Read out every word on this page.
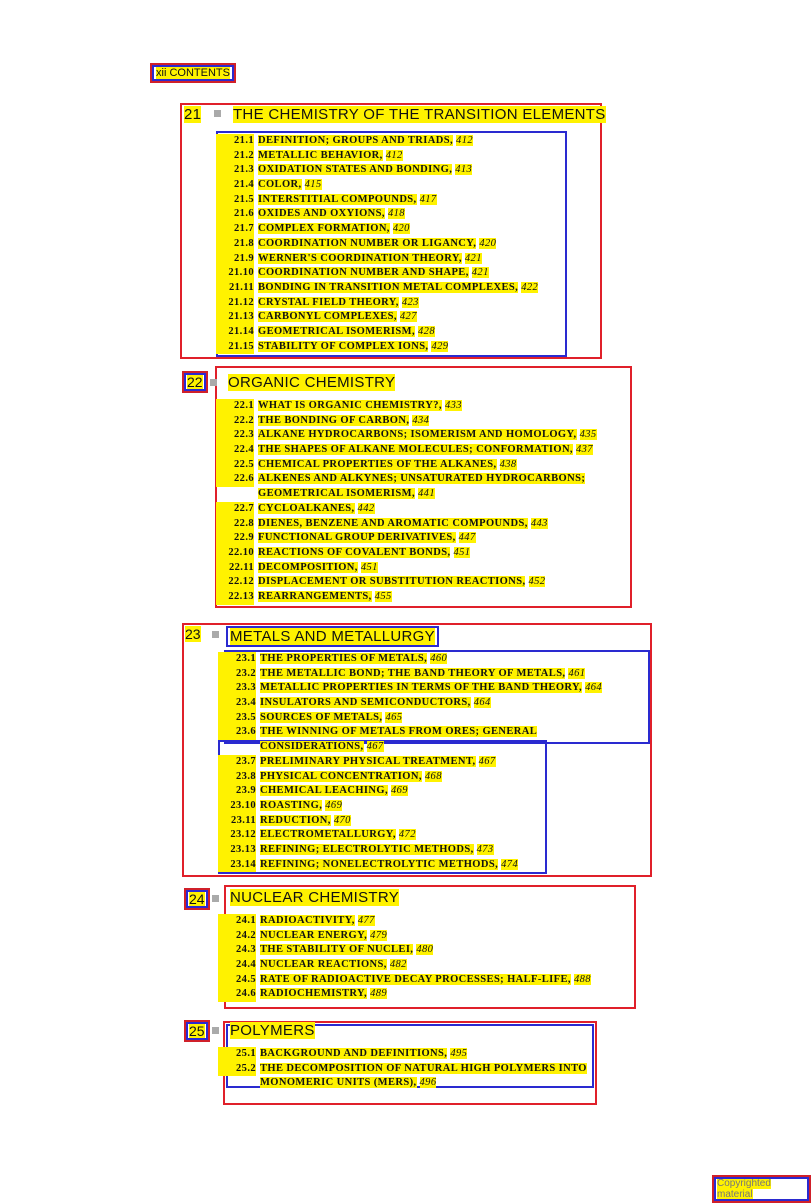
xii CONTENTS
21 THE CHEMISTRY OF THE TRANSITION ELEMENTS
21.1 DEFINITION; GROUPS AND TRIADS, 412
21.2 METALLIC BEHAVIOR, 412
21.3 OXIDATION STATES AND BONDING, 413
21.4 COLOR, 415
21.5 INTERSTITIAL COMPOUNDS, 417
21.6 OXIDES AND OXYIONS, 418
21.7 COMPLEX FORMATION, 420
21.8 COORDINATION NUMBER OR LIGANCY, 420
21.9 WERNER'S COORDINATION THEORY, 421
21.10 COORDINATION NUMBER AND SHAPE, 421
21.11 BONDING IN TRANSITION METAL COMPLEXES, 422
21.12 CRYSTAL FIELD THEORY, 423
21.13 CARBONYL COMPLEXES, 427
21.14 GEOMETRICAL ISOMERISM, 428
21.15 STABILITY OF COMPLEX IONS, 429
22	ORGANIC CHEMISTRY
22.1 WHAT IS ORGANIC CHEMISTRY?, 433
22.2 THE BONDING OF CARBON, 434
22.3 ALKANE HYDROCARBONS; ISOMERISM AND HOMOLOGY, 435
22.4 THE SHAPES OF ALKANE MOLECULES; CONFORMATION, 437
22.5 CHEMICAL PROPERTIES OF THE ALKANES, 438
22.6 ALKENES AND ALKYNES; UNSATURATED HYDROCARBONS;
GEOMETRICAL ISOMERISM, 441
22.7 CYCLOALKANES, 442
22.8 DIENES, BENZENE AND AROMATIC COMPOUNDS, 443
22.9 FUNCTIONAL GROUP DERIVATIVES, 447
22.10 REACTIONS OF COVALENT BONDS, 451
22.11 DECOMPOSITION, 451
22.12 DISPLACEMENT OR SUBSTITUTION REACTIONS, 452
22.13 REARRANGEMENTS, 455
23 METALS AND METALLURGY
23.1 THE PROPERTIES OF METALS, 460
23.2 THE METALLIC BOND; THE BAND THEORY OF METALS, 461
23.3 METALLIC PROPERTIES IN TERMS OF THE BAND THEORY, 464
23.4 INSULATORS AND SEMICONDUCTORS, 464
23.5 SOURCES OF METALS, 465
23.6 THE WINNING OF METALS FROM ORES; GENERAL
CONSIDERATIONS, 467
23.7 PRELIMINARY PHYSICAL TREATMENT, 467
23.8 PHYSICAL CONCENTRATION, 468
23.9 CHEMICAL LEACHING, 469
23.10 ROASTING, 469
23.11 REDUCTION, 470
23.12 ELECTROMETALLURGY, 472
23.13 REFINING; ELECTROLYTIC METHODS, 473
23.14 REFINING; NONELECTROLYTIC METHODS, 474
24	NUCLEAR CHEMISTRY
24.1 RADIOACTIVITY, 477
24.2 NUCLEAR ENERGY, 479
24.3 THE STABILITY OF NUCLEI, 480
24.4 NUCLEAR REACTIONS, 482
24.5 RATE OF RADIOACTIVE DECAY PROCESSES; HALF-LIFE, 488
24.6 RADIOCHEMISTRY, 489
25	POLYMERS
25.1 BACKGROUND AND DEFINITIONS, 495
25.2 THE DECOMPOSITION OF NATURAL HIGH POLYMERS INTO
MONOMERIC UNITS (MERS), 496
Copyrighted material
